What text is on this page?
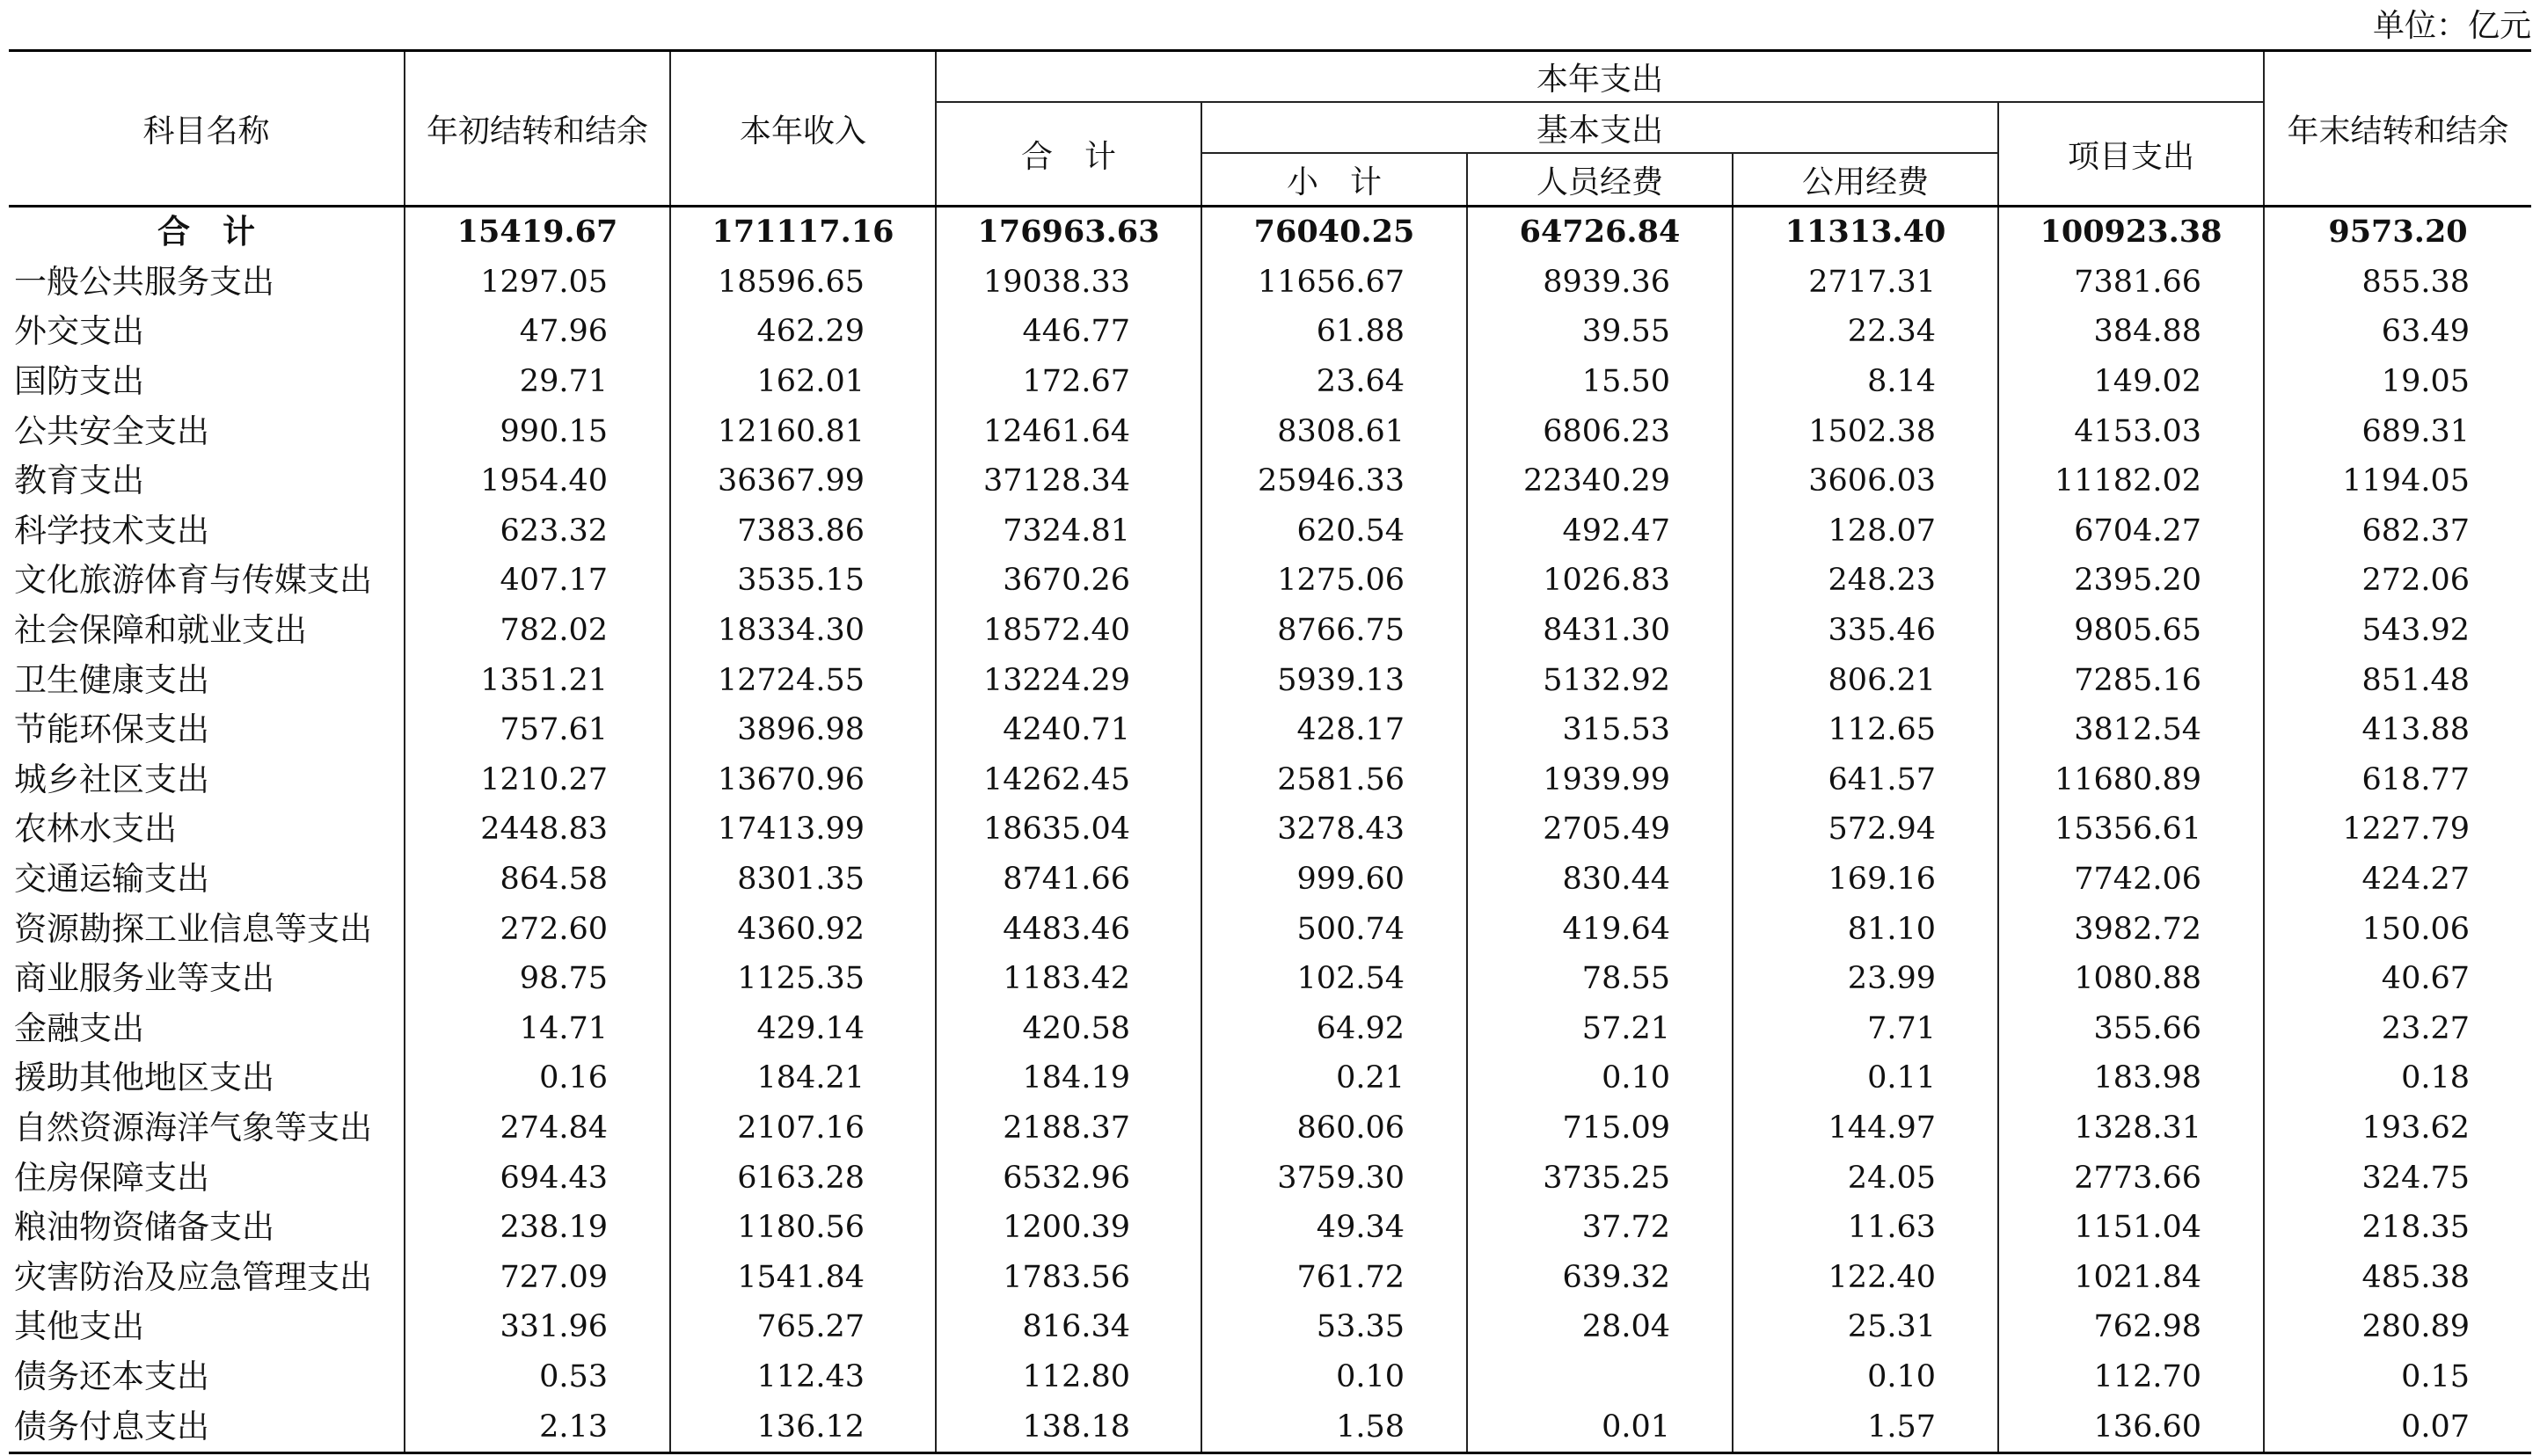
单位：亿元
科目名称	年初结转和结余	本年收入	本年支出					年末结转和结余
			合　计	基本支出			项目支出	
				小　计	人员经费	公用经费		
合　计	15419.67	171117.16	176963.63	76040.25	64726.84	11313.40	100923.38	9573.20
一般公共服务支出	1297.05	18596.65	19038.33	11656.67	8939.36	2717.31	7381.66	855.38
外交支出	47.96	462.29	446.77	61.88	39.55	22.34	384.88	63.49
国防支出	29.71	162.01	172.67	23.64	15.50	8.14	149.02	19.05
公共安全支出	990.15	12160.81	12461.64	8308.61	6806.23	1502.38	4153.03	689.31
教育支出	1954.40	36367.99	37128.34	25946.33	22340.29	3606.03	11182.02	1194.05
科学技术支出	623.32	7383.86	7324.81	620.54	492.47	128.07	6704.27	682.37
文化旅游体育与传媒支出	407.17	3535.15	3670.26	1275.06	1026.83	248.23	2395.20	272.06
社会保障和就业支出	782.02	18334.30	18572.40	8766.75	8431.30	335.46	9805.65	543.92
卫生健康支出	1351.21	12724.55	13224.29	5939.13	5132.92	806.21	7285.16	851.48
节能环保支出	757.61	3896.98	4240.71	428.17	315.53	112.65	3812.54	413.88
城乡社区支出	1210.27	13670.96	14262.45	2581.56	1939.99	641.57	11680.89	618.77
农林水支出	2448.83	17413.99	18635.04	3278.43	2705.49	572.94	15356.61	1227.79
交通运输支出	864.58	8301.35	8741.66	999.60	830.44	169.16	7742.06	424.27
资源勘探工业信息等支出	272.60	4360.92	4483.46	500.74	419.64	81.10	3982.72	150.06
商业服务业等支出	98.75	1125.35	1183.42	102.54	78.55	23.99	1080.88	40.67
金融支出	14.71	429.14	420.58	64.92	57.21	7.71	355.66	23.27
援助其他地区支出	0.16	184.21	184.19	0.21	0.10	0.11	183.98	0.18
自然资源海洋气象等支出	274.84	2107.16	2188.37	860.06	715.09	144.97	1328.31	193.62
住房保障支出	694.43	6163.28	6532.96	3759.30	3735.25	24.05	2773.66	324.75
粮油物资储备支出	238.19	1180.56	1200.39	49.34	37.72	11.63	1151.04	218.35
灾害防治及应急管理支出	727.09	1541.84	1783.56	761.72	639.32	122.40	1021.84	485.38
其他支出	331.96	765.27	816.34	53.35	28.04	25.31	762.98	280.89
债务还本支出	0.53	112.43	112.80	0.10		0.10	112.70	0.15
债务付息支出	2.13	136.12	138.18	1.58	0.01	1.57	136.60	0.07
